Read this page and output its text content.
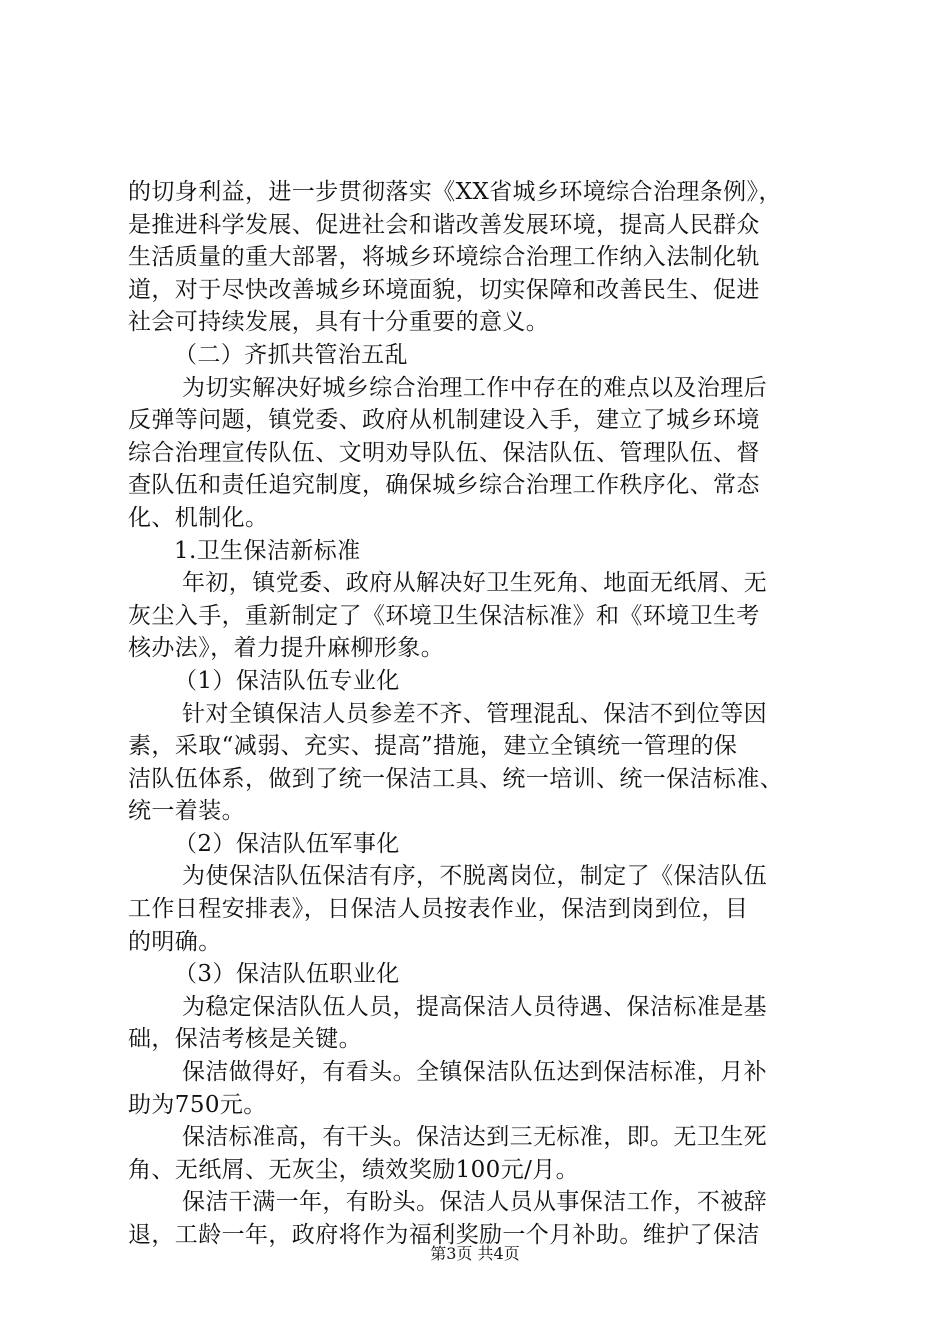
的切身利益，进一步贯彻落实《XX省城乡环境综合治理条例》，
是推进科学发展、促进社会和谐改善发展环境，提高人民群众
生活质量的重大部署，将城乡环境综合治理工作纳入法制化轨
道，对于尽快改善城乡环境面貌，切实保障和改善民生、促进
社会可持续发展，具有十分重要的意义。
（二）齐抓共管治五乱
为切实解决好城乡综合治理工作中存在的难点以及治理后
反弹等问题，镇党委、政府从机制建设入手，建立了城乡环境
综合治理宣传队伍、文明劝导队伍、保洁队伍、管理队伍、督
查队伍和责任追究制度，确保城乡综合治理工作秩序化、常态
化、机制化。
1.卫生保洁新标准
年初，镇党委、政府从解决好卫生死角、地面无纸屑、无
灰尘入手，重新制定了《环境卫生保洁标准》和《环境卫生考
核办法》，着力提升麻柳形象。
（1）保洁队伍专业化
针对全镇保洁人员参差不齐、管理混乱、保洁不到位等因
素，采取“减弱、充实、提高”措施，建立全镇统一管理的保
洁队伍体系，做到了统一保洁工具、统一培训、统一保洁标准、
统一着装。
（2）保洁队伍军事化
为使保洁队伍保洁有序，不脱离岗位，制定了《保洁队伍
工作日程安排表》，日保洁人员按表作业，保洁到岗到位，目
的明确。
（3）保洁队伍职业化
为稳定保洁队伍人员，提高保洁人员待遇、保洁标准是基
础，保洁考核是关键。
保洁做得好，有看头。全镇保洁队伍达到保洁标准，月补
助为750元。
保洁标准高，有干头。保洁达到三无标准，即。无卫生死
角、无纸屑、无灰尘，绩效奖励100元/月。
保洁干满一年，有盼头。保洁人员从事保洁工作，不被辞
退，工龄一年，政府将作为福利奖励一个月补助。维护了保洁
第3页 共4页
